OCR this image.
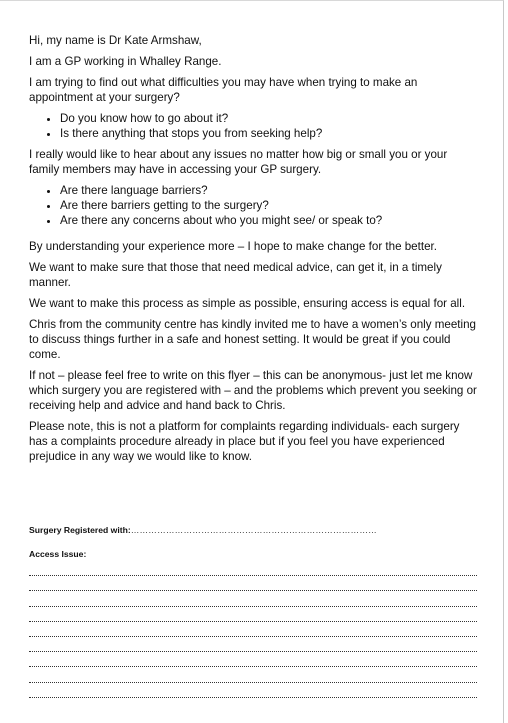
Hi, my name is Dr Kate Armshaw,

I am a GP working in Whalley Range.

I am trying to find out what difficulties you may have when trying to make an appointment at your surgery?

• Do you know how to go about it?
• Is there anything that stops you from seeking help?

I really would like to hear about any issues no matter how big or small you or your family members may have in accessing your GP surgery.

• Are there language barriers?
• Are there barriers getting to the surgery?
• Are there any concerns about who you might see/ or speak to?

By understanding your experience more – I hope to make change for the better.

We want to make sure that those that need medical advice, can get it, in a timely manner.

We want to make this process as simple as possible, ensuring access is equal for all.

Chris from the community centre has kindly invited me to have a women’s only meeting to discuss things further in a safe and honest setting. It would be great if you could come.

If not – please feel free to write on this flyer – this can be anonymous- just let me know which surgery you are registered with – and the problems which prevent you seeking or receiving help and advice and hand back to Chris.

Please note, this is not a platform for complaints regarding individuals- each surgery has a complaints procedure already in place but if you feel you have experienced prejudice in any way we would like to know.

Surgery Registered with: …………………………………………………………………………
Access Issue:
